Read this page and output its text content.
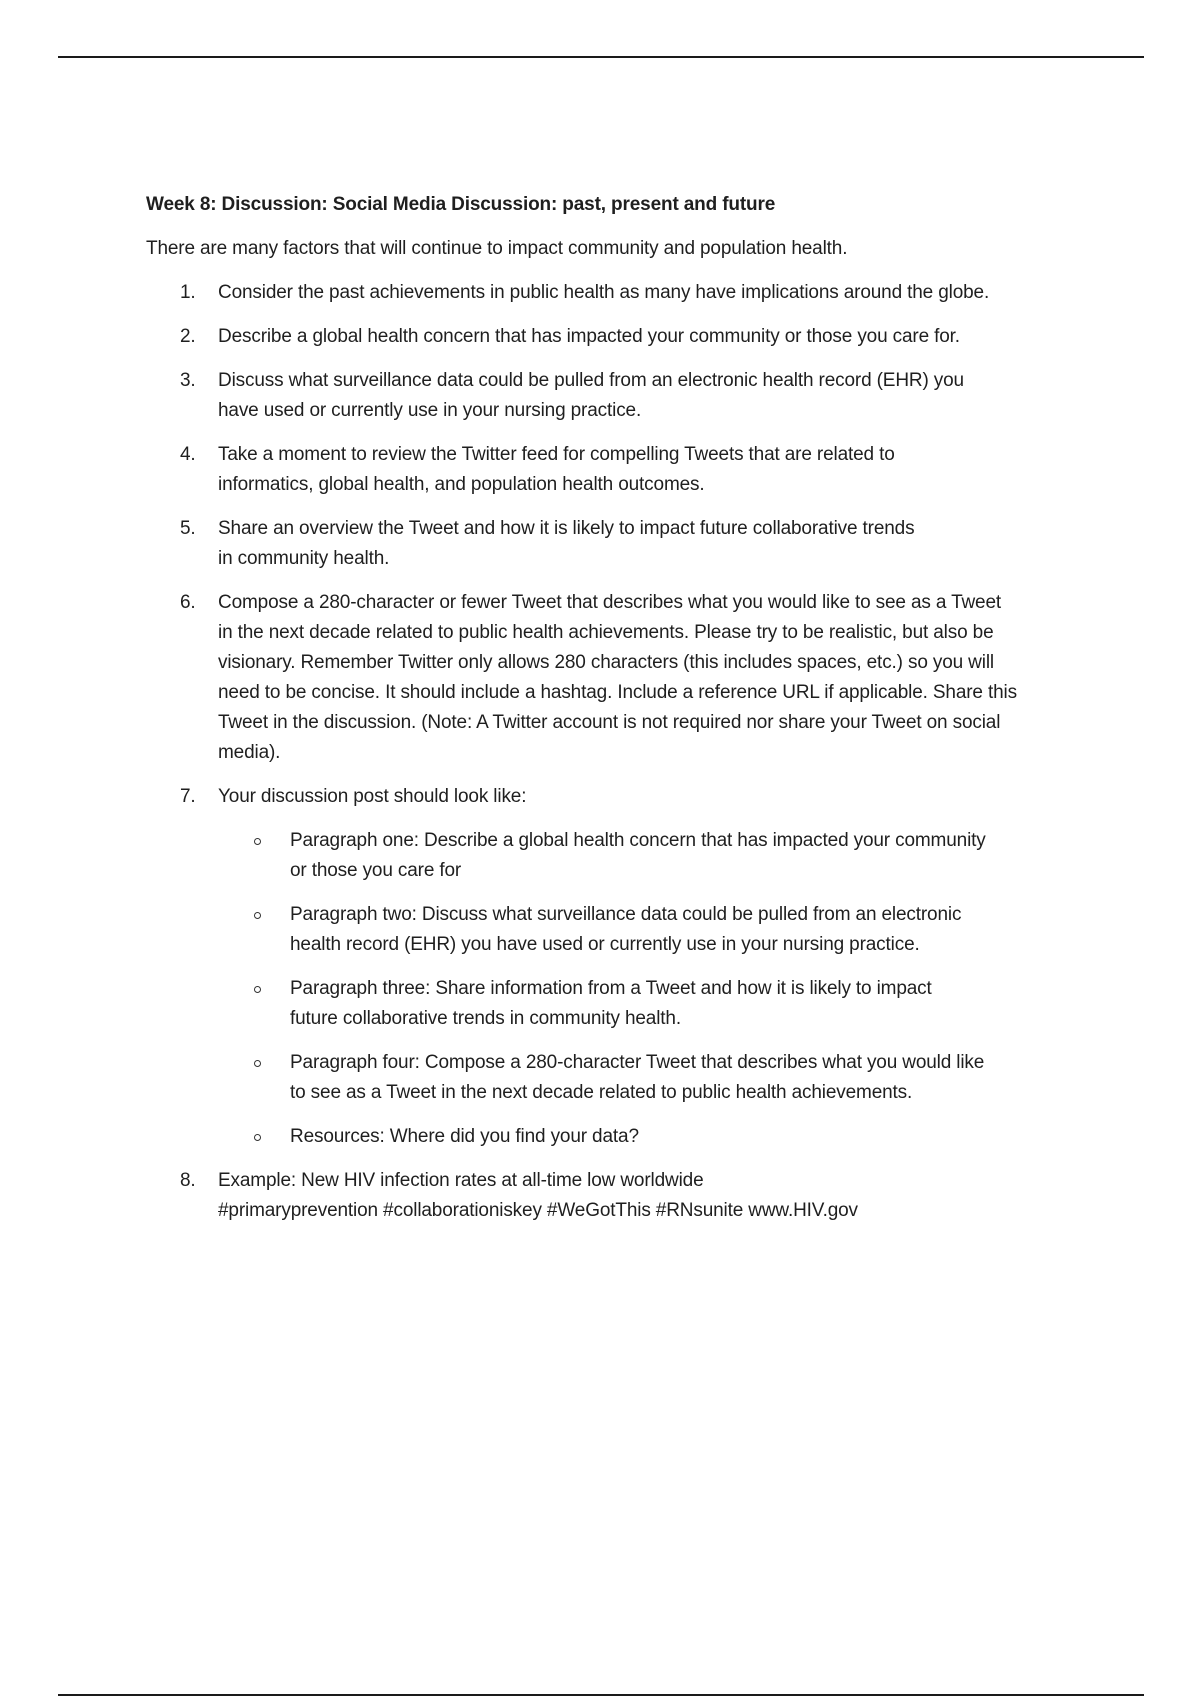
Week 8: Discussion: Social Media Discussion: past, present and future

There are many factors that will continue to impact community and population health.

1. Consider the past achievements in public health as many have implications around the globe.
2. Describe a global health concern that has impacted your community or those you care for.
3. Discuss what surveillance data could be pulled from an electronic health record (EHR) you
have used or currently use in your nursing practice.
4. Take a moment to review the Twitter feed for compelling Tweets that are related to
informatics, global health, and population health outcomes.
5. Share an overview the Tweet and how it is likely to impact future collaborative trends
in community health.
6. Compose a 280-character or fewer Tweet that describes what you would like to see as a Tweet
in the next decade related to public health achievements. Please try to be realistic, but also be
visionary. Remember Twitter only allows 280 characters (this includes spaces, etc.) so you will
need to be concise. It should include a hashtag. Include a reference URL if applicable. Share this
Tweet in the discussion. (Note: A Twitter account is not required nor share your Tweet on social
media).
7. Your discussion post should look like:
Paragraph one: Describe a global health concern that has impacted your community
or those you care for
Paragraph two: Discuss what surveillance data could be pulled from an electronic
health record (EHR) you have used or currently use in your nursing practice.
Paragraph three: Share information from a Tweet and how it is likely to impact
future collaborative trends in community health.
Paragraph four: Compose a 280-character Tweet that describes what you would like
to see as a Tweet in the next decade related to public health achievements.
Resources: Where did you find your data?
8. Example: New HIV infection rates at all-time low worldwide
#primaryprevention #collaborationiskey #WeGotThis #RNsunite www.HIV.gov
